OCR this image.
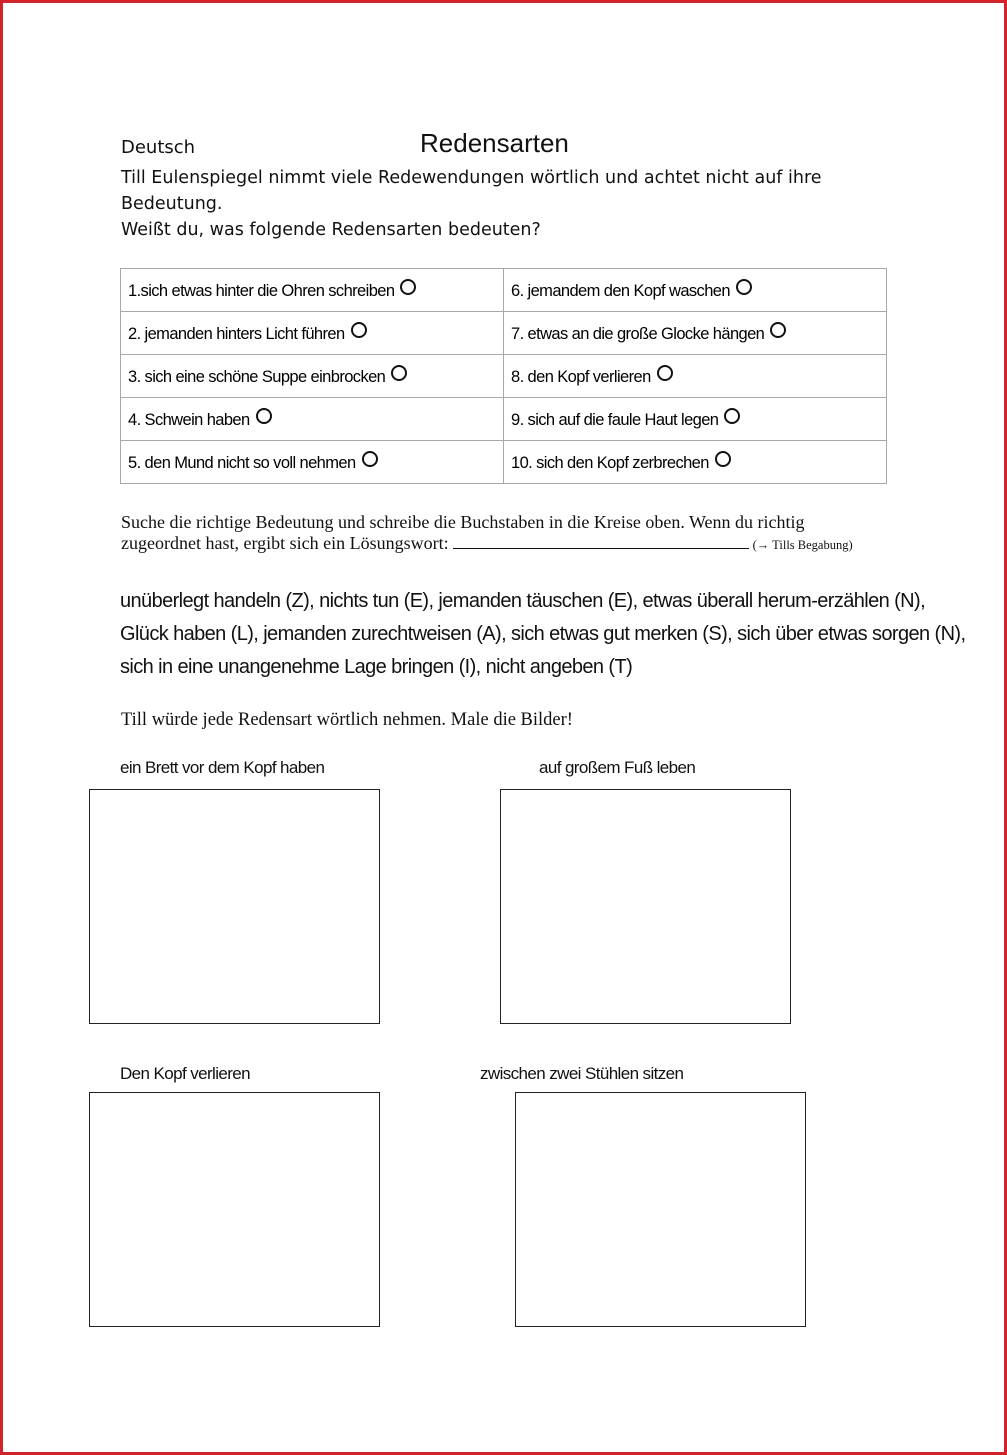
Deutsch	Redensarten
Till Eulenspiegel nimmt viele Redewendungen wörtlich und achtet nicht auf ihre
Bedeutung.
Weißt du, was folgende Redensarten bedeuten?
1.sich etwas hinter die Ohren schreiben	6. jemandem den Kopf waschen
2. jemanden hinters Licht führen	7. etwas an die große Glocke hängen
3. sich eine schöne Suppe einbrocken	8. den Kopf verlieren
4. Schwein haben	9. sich auf die faule Haut legen
5. den Mund nicht so voll nehmen	10. sich den Kopf zerbrechen
Suche die richtige Bedeutung und schreibe die Buchstaben in die Kreise oben. Wenn du richtig
zugeordnet hast, ergibt sich ein Lösungswort:	(→ Tills Begabung)
unüberlegt handeln (Z), nichts tun (E), jemanden täuschen (E), etwas überall herum-erzählen (N),
Glück haben (L), jemanden zurechtweisen (A), sich etwas gut merken (S), sich über etwas sorgen (N),
sich in eine unangenehme Lage bringen (I), nicht angeben (T)
Till würde jede Redensart wörtlich nehmen. Male die Bilder!
ein Brett vor dem Kopf haben	auf großem Fuß leben
Den Kopf verlieren	zwischen zwei Stühlen sitzen
